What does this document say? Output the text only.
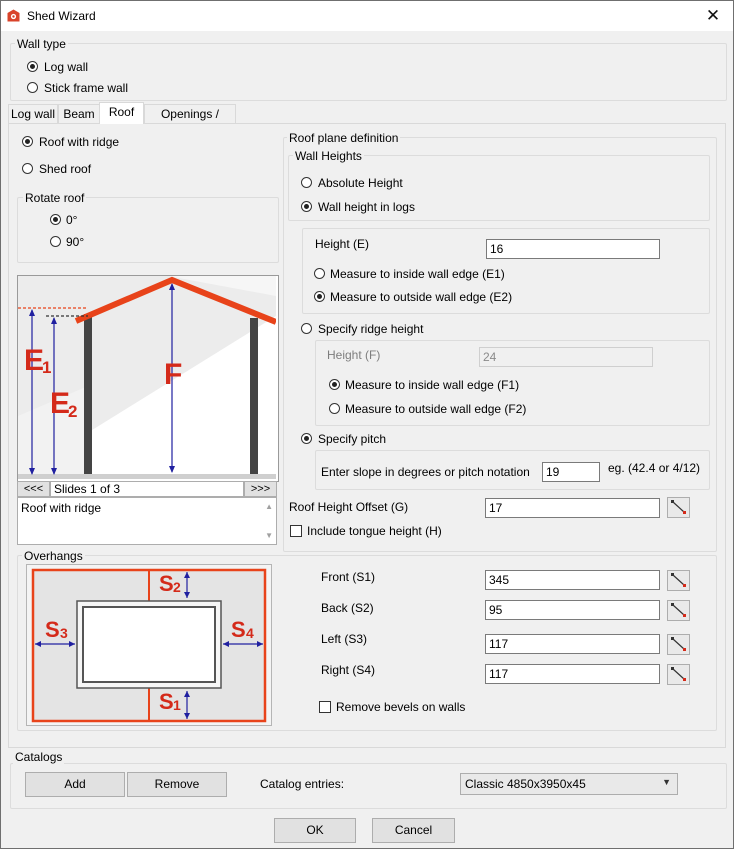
Shed Wizard	✕
Wall type
Log wall
Stick frame wall
Log wall Beam	Roof	Openings /
Roof with ridge
Shed roof
Rotate roof
0°
90°
E
1
E
2
F
<<< Slides 1 of 3	>>>
Roof with ridge	▲
▼
Roof plane definition
Wall Heights
Absolute Height
Wall height in logs
Height (E)	16
Measure to inside wall edge (E1)
Measure to outside wall edge (E2)
Specify ridge height
Height (F)	24
Measure to inside wall edge (F1)
Measure to outside wall edge (F2)
Specify pitch
Enter slope in degrees or pitch notation	19	eg. (42.4 or 4/12)
Roof Height Offset (G)	17
Include tongue height (H)
Overhangs
S 2
S 1
S 3	S 4
Front (S1)	345
Back (S2)	95
Left (S3)	117
Right (S4)	117
Remove bevels on walls
Catalogs
Add	Remove	Catalog entries:	Classic 4850x3950x45	▼
OK	Cancel
